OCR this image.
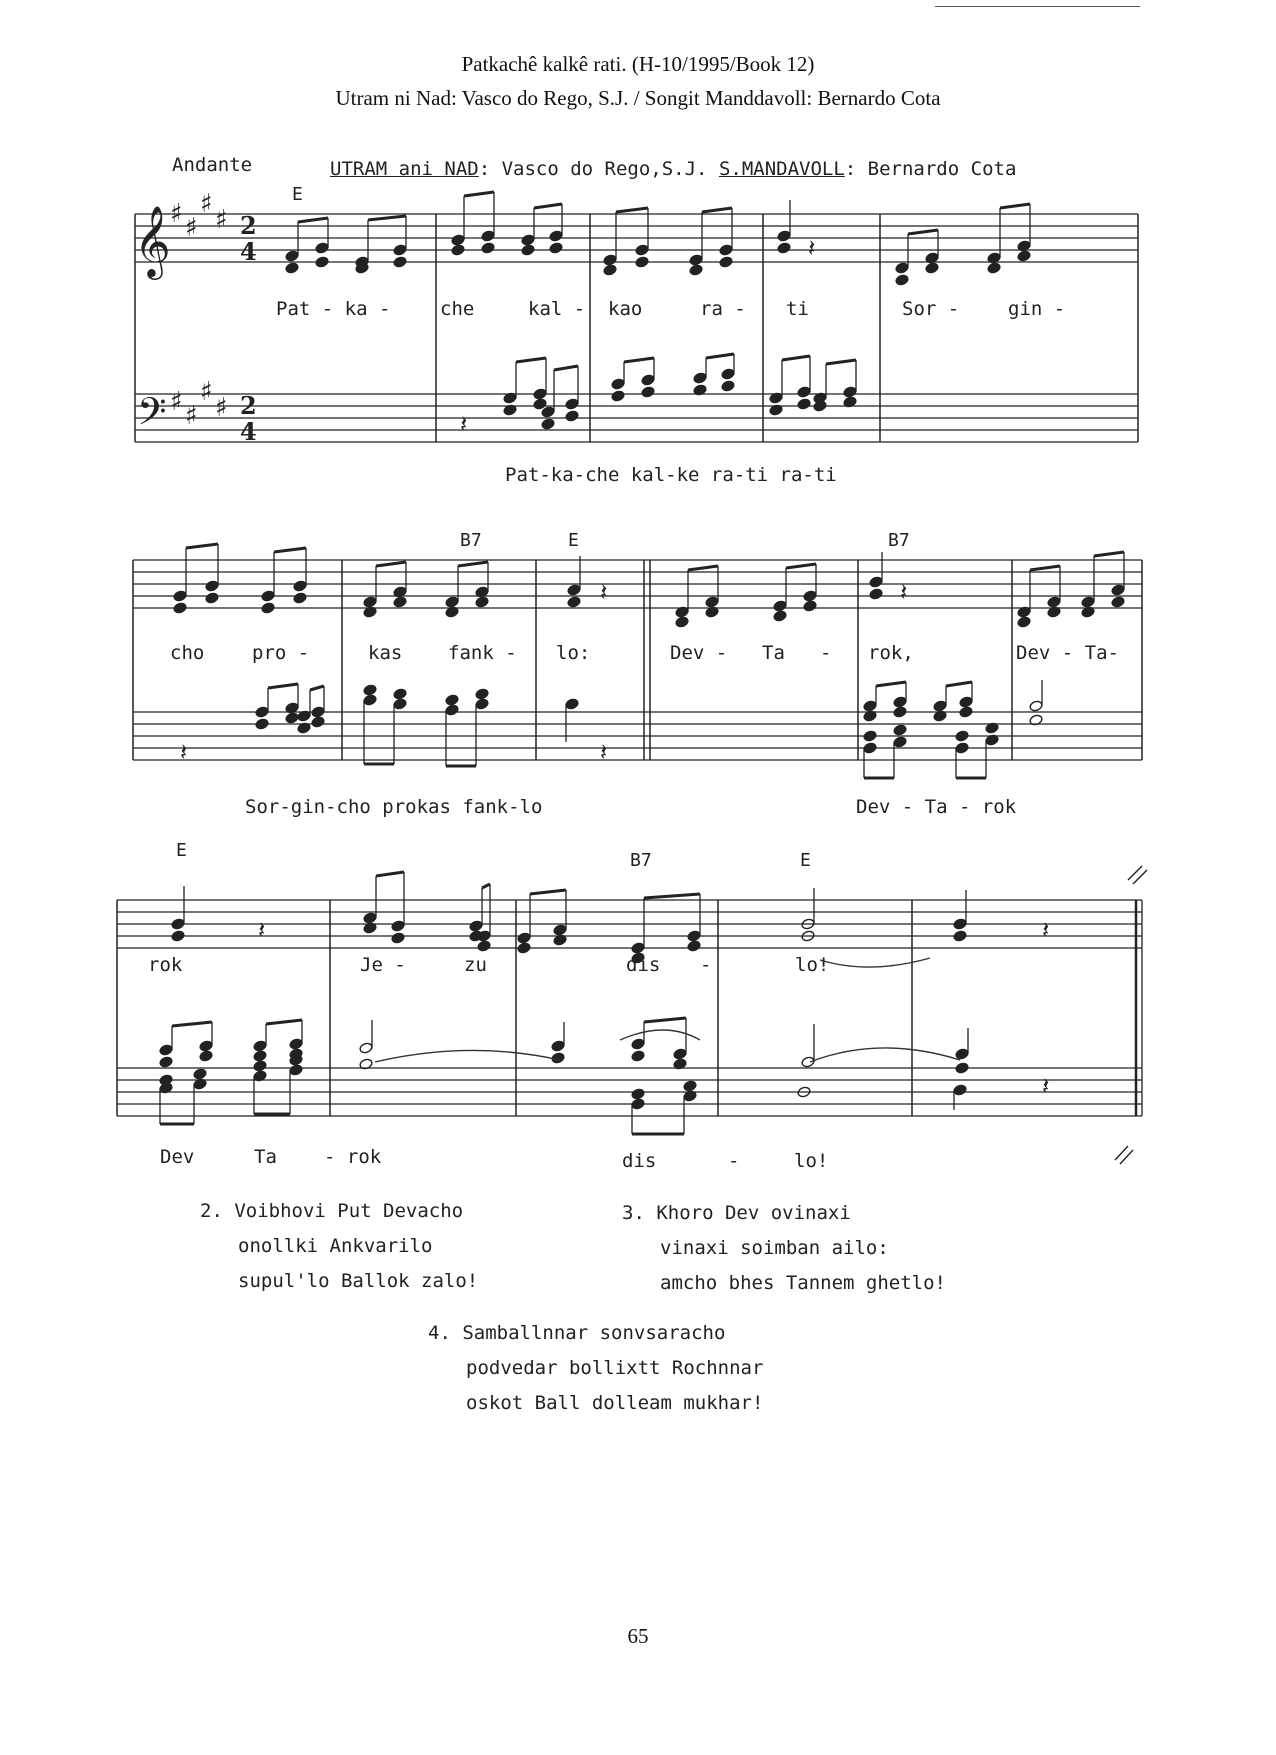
Patkachê kalkê rati. (H-10/1995/Book 12)
Utram ni Nad: Vasco do Rego, S.J. / Songit Manddavoll: Bernardo Cota
Andante	UTRAM ani NAD: Vasco do Rego,S.J. S.MANDAVOLL: Bernardo Cota
𝄞
𝄢
♯ ♯
♯
♯
♯ ♯
♯
♯
2
4
2
4
𝄽
𝄽
𝄽	𝄽
𝄽	𝄽
𝄽	𝄽
𝄽
E
B7	E	B7
E	B7	E
Pat - ka -	che	kal - kao	ra - ti	Sor -	gin -
Pat-ka-che kal-ke ra-ti ra-ti
cho	pro -	kas fank - lo:	Dev - Ta - rok,	Dev - Ta-
Sor-gin-cho prokas fank-lo	Dev - Ta - rok
rok	Je -	zu	dis -	lo!
Dev	Ta - rok	dis	-	lo!
2. Voibhovi Put Devacho
onollki Ankvarilo
supul'lo Ballok zalo!
3. Khoro Dev ovinaxi
vinaxi soimban ailo:
amcho bhes Tannem ghetlo!
4. Samballnnar sonvsaracho
podvedar bollixtt Rochnnar
oskot Ball dolleam mukhar!
65
